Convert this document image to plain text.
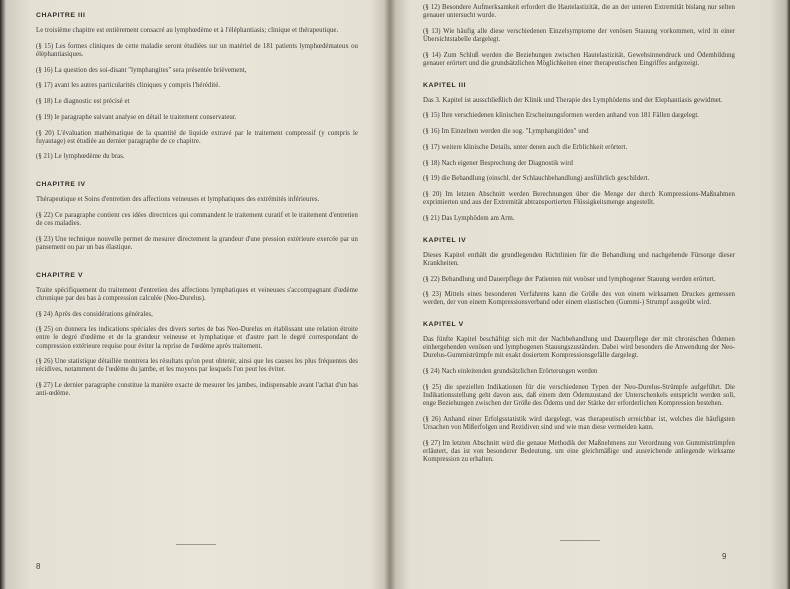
CHAPITRE III
Le troisième chapitre est entièrement consacré au lymphœdème et à l'éléphantiasis; clinique et thérapeutique.
(§ 15) Les formes cliniques de cette maladie seront étudiées sur un matériel de 181 patients lymphœdémateux ou éléphantiasiques.
(§ 16) La question des soi-disant "lymphangites" sera présentée brièvement,
(§ 17) avant les autres particularités cliniques y compris l'hérédité.
(§ 18) Le diagnostic est précisé et
(§ 19) le paragraphe suivant analyse en détail le traitement conservateur.
(§ 20) L'évaluation mathématique de la quantité de liquide extravé par le traitement compressif (y compris le fuyautage) est étudiée au dernier paragraphe de ce chapitre.
(§ 21) Le lymphœdème du bras.
CHAPITRE IV
Thérapeutique et Soins d'entretien des affections veineuses et lymphatiques des extrémités inférieures.
(§ 22) Ce paragraphe contient ces idées directrices qui commandent le traitement curatif et le traitement d'entretien de ces maladies.
(§ 23) Une technique nouvelle permet de mesurer directement la grandeur d'une pression extérieure exercée par un pansement ou par un bas élastique.
CHAPITRE V
Traite spécifiquement du traitement d'entretien des affections lymphatiques et veineuses s'accompagnant d'œdème chronique par des bas à compression calculée (Neo-Durelus).
(§ 24) Après des considérations générales,
(§ 25) on donnera les indications spéciales des divers sortes de bas Neo-Durelus en établissant une relation étroite entre le degré d'œdème et de la grandeur veineuse et lymphatique et d'autre part le degré correspondant de compression extérieure requise pour éviter la reprise de l'œdème après traitement.
(§ 26) Une statistique détaillée montrera les résultats qu'on peut obtenir, ainsi que les causes les plus fréquentes des récidives, notamment de l'œdème du jambe, et les moyens par lesquels l'on peut les éviter.
(§ 27) Le dernier paragraphe constitue la manière exacte de mesurer les jambes, indispensable avant l'achat d'un bas anti-œdème.
8
(§ 12) Besondere Aufmerksamkeit erfordert die Hautelastizität, die an der unteren Extremität bislang nur selten genauer untersucht wurde.
(§ 13) Wie häufig alle diese verschiedenen Einzelsymptome der venösen Stauung vorkommen, wird in einer Übersichtstabelle dargelegt.
(§ 14) Zum Schluß werden die Beziehungen zwischen Hautelastizität, Gewebsinnendruck und Ödembildung genauer erörtert und die grundsätzlichen Möglichkeiten einer therapeutischen Eingriffes aufgezeigt.
KAPITEL III
Das 3. Kapitel ist ausschließlich der Klinik und Therapie des Lymphödems und der Elephantiasis gewidmet.
(§ 15) Ihre verschiedenen klinischen Erscheinungsformen werden anhand von 181 Fällen dargelegt.
(§ 16) Im Einzelnen werden die sog. "Lymphangitiden" und
(§ 17) weitere klinische Details, unter denen auch die Erblichkeit erörtert.
(§ 18) Nach eigener Besprechung der Diagnostik wird
(§ 19) die Behandlung (einschl. der Schlauchbehandlung) ausführlich geschildert.
(§ 20) Im letzten Abschnitt werden Berechnungen über die Menge der durch Kompressions-Maßnahmen exprimierten und aus der Extremität abtransportierten Flüssigkeitsmenge angestellt.
(§ 21) Das Lymphödem am Arm.
KAPITEL IV
Dieses Kapitel enthält die grundlegenden Richtlinien für die Behandlung und nachgehende Fürsorge dieser Krankheiten.
(§ 22) Behandlung und Dauerpflege der Patienten mit venöser und lymphogener Stauung werden erörtert.
(§ 23) Mittels eines besonderen Verfahrens kann die Größe des von einem wirksamen Druckes gemessen werden, der von einem Kompressionsverband oder einem elastischen (Gummi-) Strumpf ausgeübt wird.
KAPITEL V
Das fünfte Kapitel beschäftigt sich mit der Nachbehandlung und Dauerpflege der mit chronischen Ödemen einhergehenden venösen und lymphogenen Stauungszuständen. Dabei wird besonders die Anwendung der Neo-Durelus-Gummistrümpfe mit exakt dosiertem Kompressionsgefälle dargelegt.
(§ 24) Nach einleitenden grundsätzlichen Erörterungen werden
(§ 25) die speziellen Indikationen für die verschiedenen Typen der Neo-Durelus-Strümpfe aufgeführt. Die Indikationsstellung geht davon aus, daß einem dem Ödemzustand der Unterschenkels entspricht werden soll, enge Beziehungen zwischen der Größe des Ödems und der Stärke der erforderlichen Kompression bestehen.
(§ 26) Anhand einer Erfolgsstatistik wird dargelegt, was therapeutisch erreichbar ist, welches die häufigsten Ursachen von Mißerfolgen und Rezidiven sind und wie man diese vermeiden kann.
(§ 27) Im letzten Abschnitt wird die genaue Methodik der Maßnehmens zur Verordnung von Gummistrümpfen erläutert, das ist von besonderer Bedeutung, um eine gleichmäßige und ausreichende anliegende wirksame Kompression zu erhalten.
9
